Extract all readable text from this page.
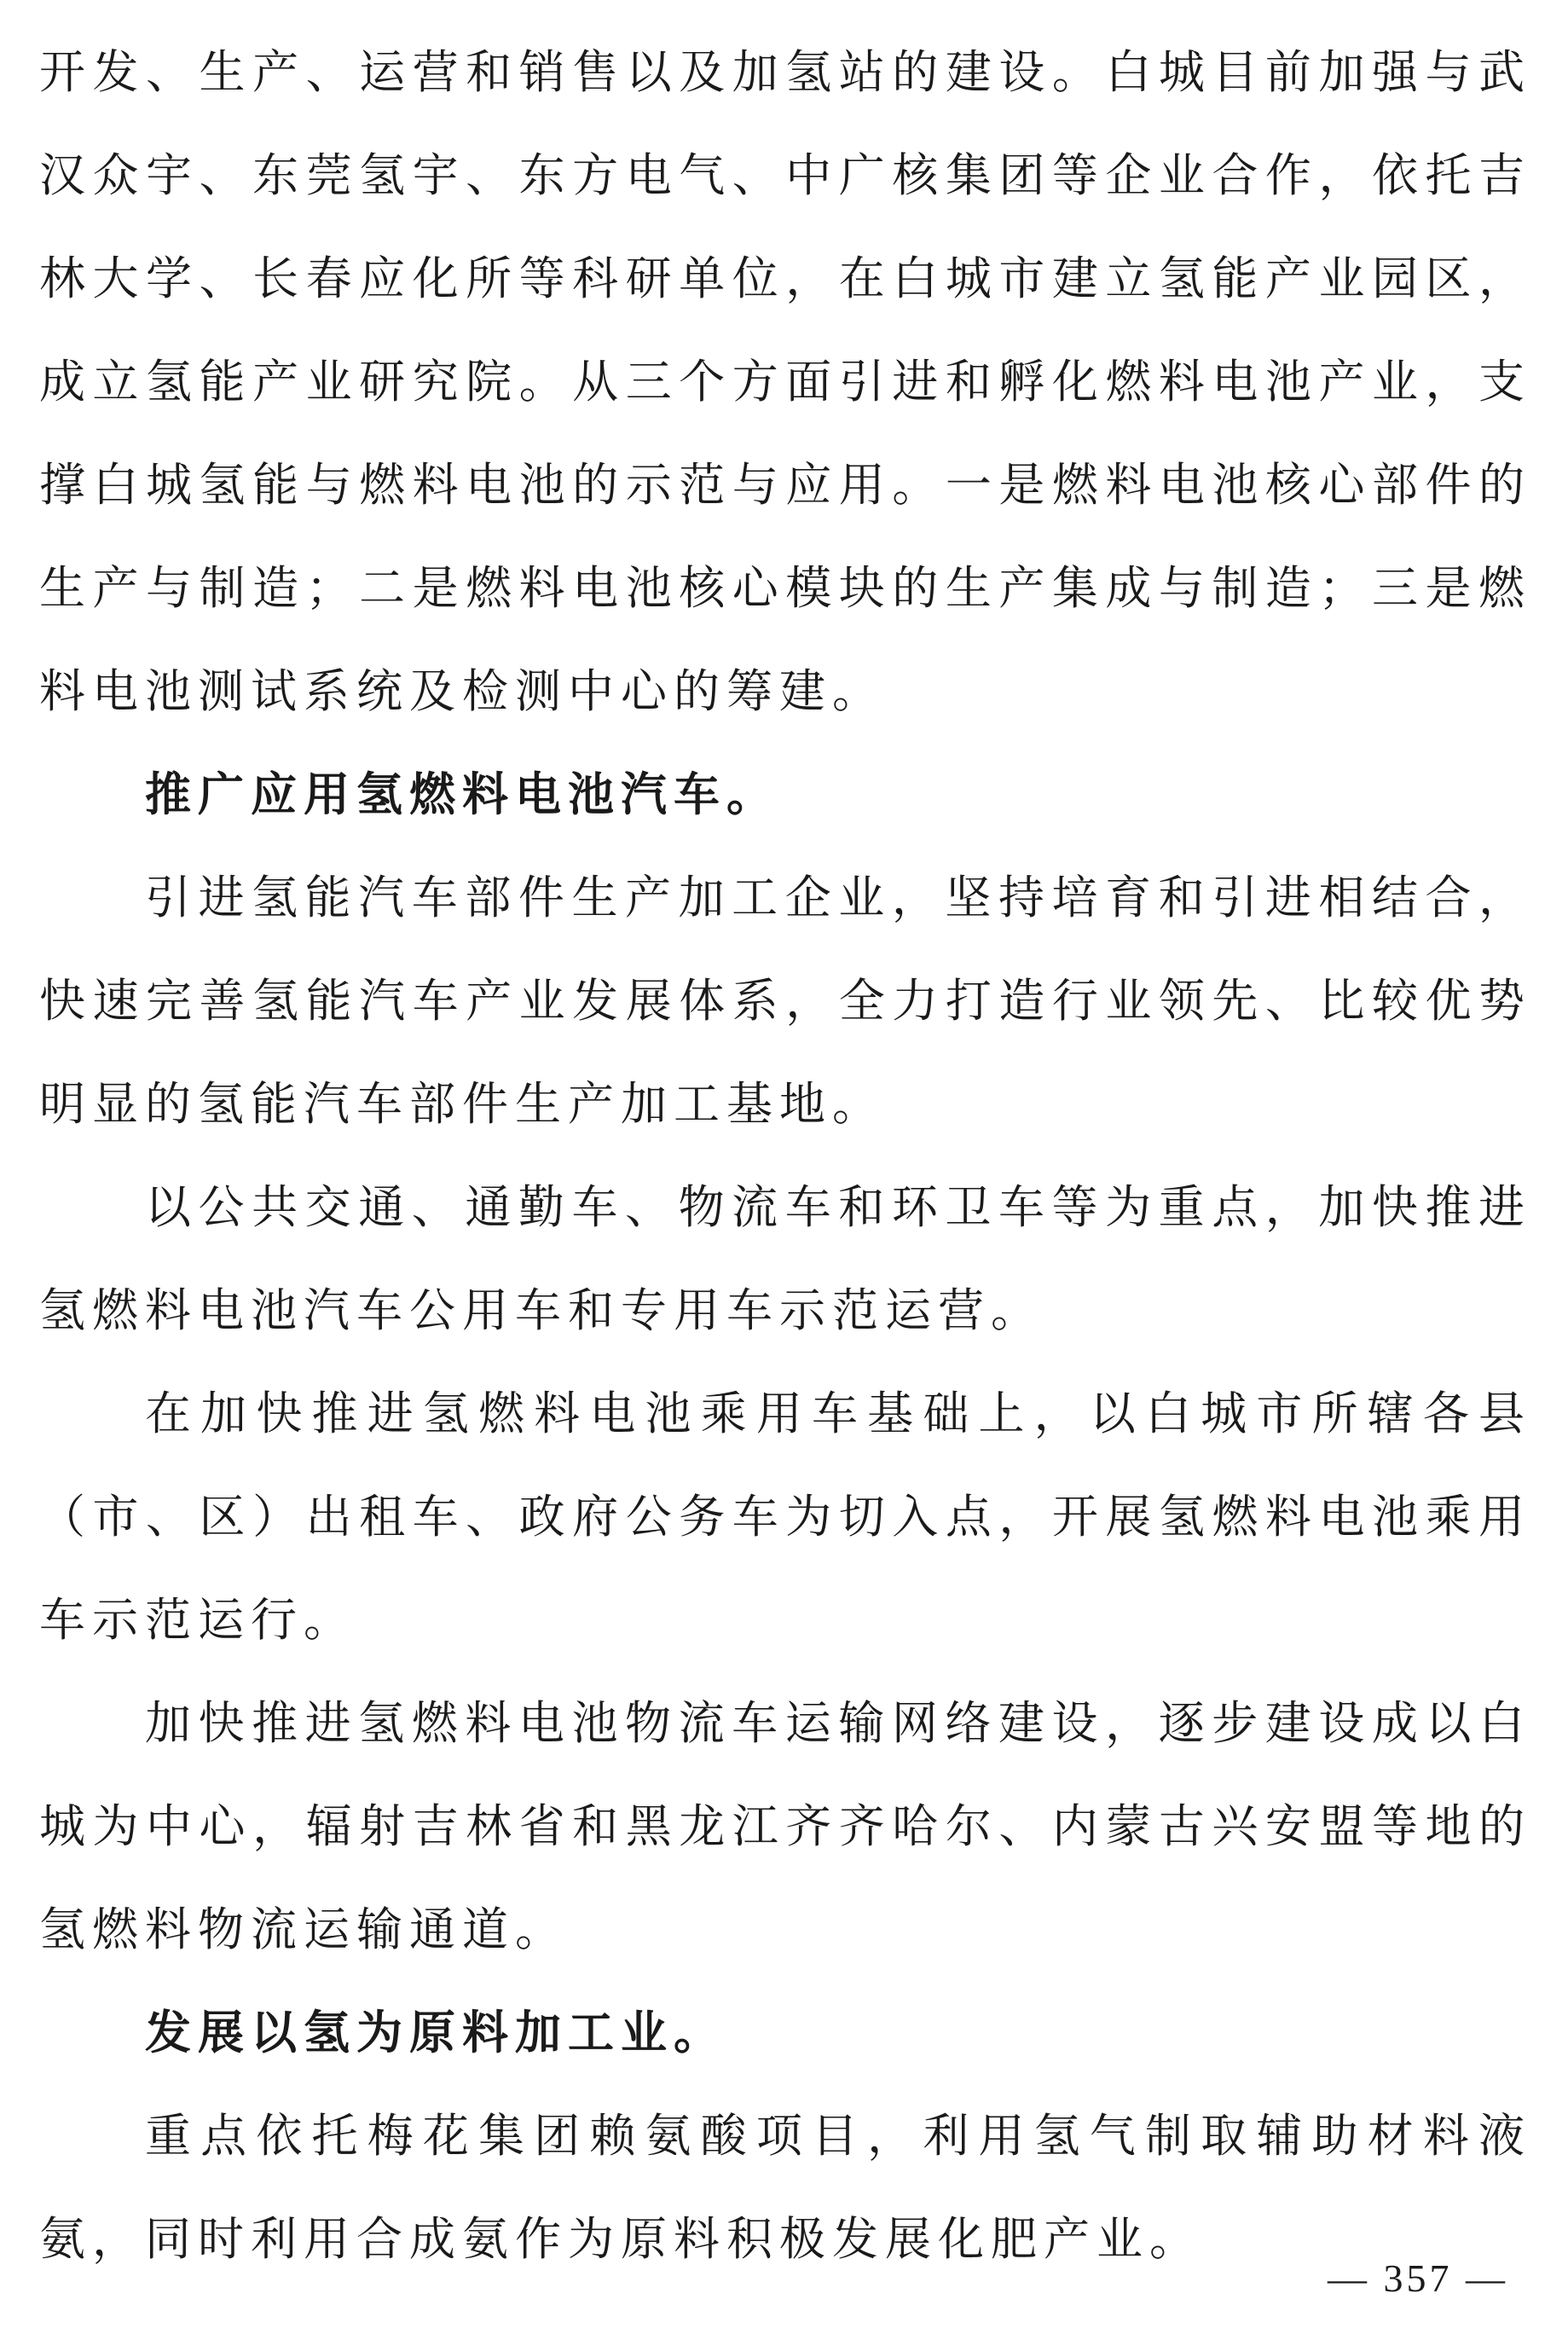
开发、生产、运营和销售以及加氢站的建设。白城目前加强与武汉众宇、东莞氢宇、东方电气、中广核集团等企业合作，依托吉林大学、长春应化所等科研单位，在白城市建立氢能产业园区，成立氢能产业研究院。从三个方面引进和孵化燃料电池产业，支撑白城氢能与燃料电池的示范与应用。一是燃料电池核心部件的生产与制造；二是燃料电池核心模块的生产集成与制造；三是燃料电池测试系统及检测中心的筹建。

推广应用氢燃料电池汽车。

引进氢能汽车部件生产加工企业，坚持培育和引进相结合，快速完善氢能汽车产业发展体系，全力打造行业领先、比较优势明显的氢能汽车部件生产加工基地。

以公共交通、通勤车、物流车和环卫车等为重点，加快推进氢燃料电池汽车公用车和专用车示范运营。

在加快推进氢燃料电池乘用车基础上，以白城市所辖各县（市、区）出租车、政府公务车为切入点，开展氢燃料电池乘用车示范运行。

加快推进氢燃料电池物流车运输网络建设，逐步建设成以白城为中心，辐射吉林省和黑龙江齐齐哈尔、内蒙古兴安盟等地的氢燃料物流运输通道。

发展以氢为原料加工业。

重点依托梅花集团赖氨酸项目，利用氢气制取辅助材料液氨，同时利用合成氨作为原料积极发展化肥产业。

— 357 —
